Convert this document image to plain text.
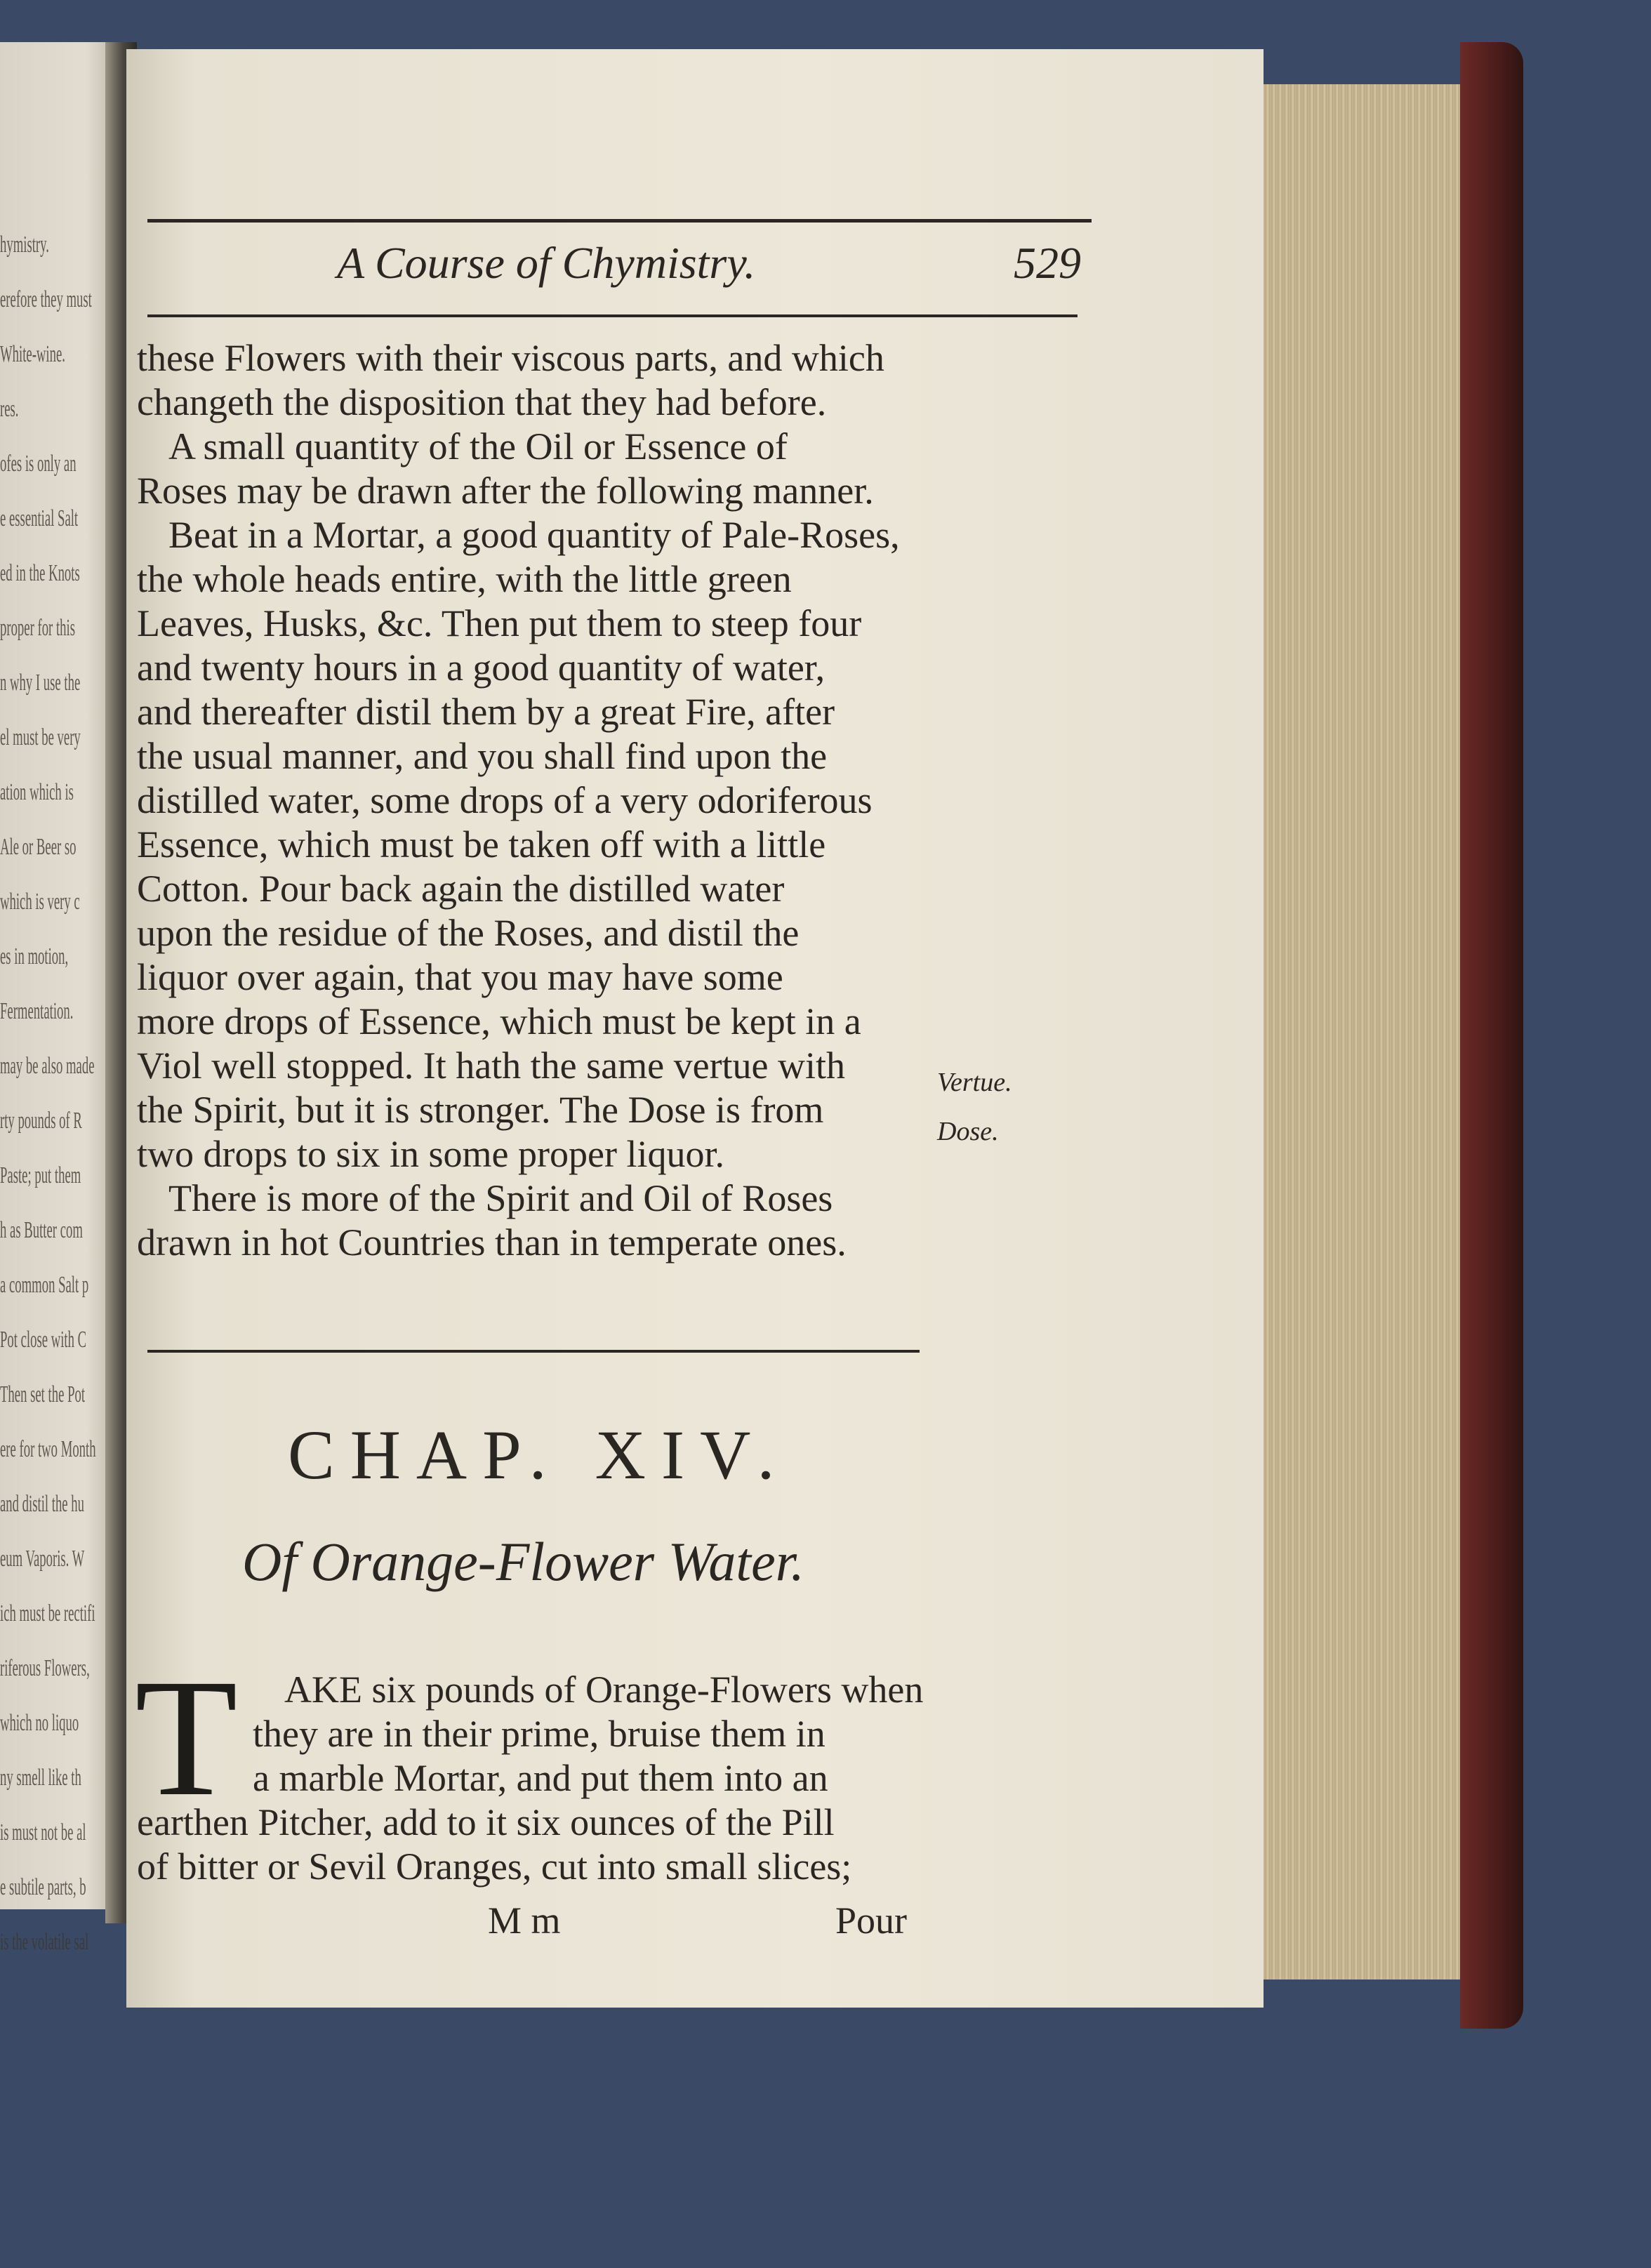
hymistry.
erefore they must
White-wine.
res.
ofes is only an
e essential Salt
ed in the Knots
proper for this
n why I use the
el must be very
ation which is
Ale or Beer so
which is very c
es in motion,
Fermentation.
may be also made
rty pounds of R
Paste; put them
h as Butter com
a common Salt p
Pot close with C
Then set the Pot
ere for two Month
and distil the hu
eum Vaporis. W
ich must be rectifi
riferous Flowers,
which no liquo
ny smell like th
is must not be al
e subtile parts, b
is the volatile sal
A Course of Chymistry.	529
these Flowers with their viscous parts, and which
changeth the disposition that they had before.
A small quantity of the Oil or Essence of
Roses may be drawn after the following manner.
Beat in a Mortar, a good quantity of Pale-Roses,
the whole heads entire, with the little green
Leaves, Husks, &c. Then put them to steep four
and twenty hours in a good quantity of water,
and thereafter distil them by a great Fire, after
the usual manner, and you shall find upon the
distilled water, some drops of a very odoriferous
Essence, which must be taken off with a little
Cotton. Pour back again the distilled water
upon the residue of the Roses, and distil the
liquor over again, that you may have some
more drops of Essence, which must be kept in a
Viol well stopped. It hath the same vertue with
the Spirit, but it is stronger. The Dose is from
two drops to six in some proper liquor.
There is more of the Spirit and Oil of Roses
drawn in hot Countries than in temperate ones.
Vertue.
Dose.
CHAP. XIV.
Of Orange-Flower Water.
T AKE six pounds of Orange-Flowers when
they are in their prime, bruise them in
a marble Mortar, and put them into an
earthen Pitcher, add to it six ounces of the Pill
of bitter or Sevil Oranges, cut into small slices;
M m	Pour
